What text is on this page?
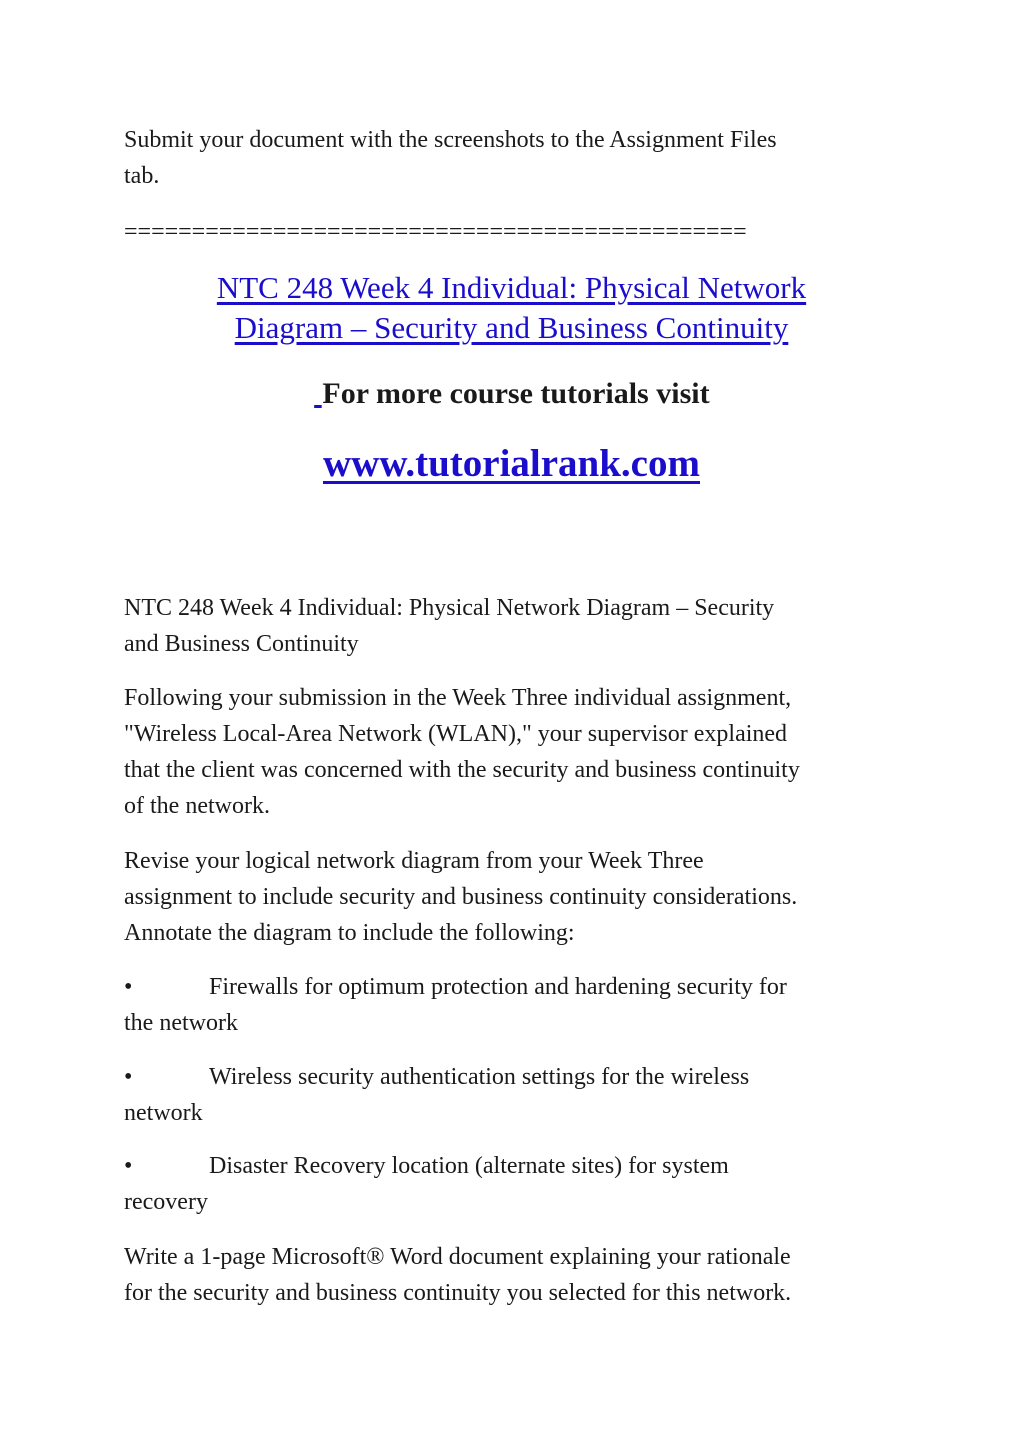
Submit your document with the screenshots to the Assignment Files
tab.

==============================================

NTC 248 Week 4 Individual: Physical Network
Diagram – Security and Business Continuity

For more course tutorials visit

www.tutorialrank.com

NTC 248 Week 4 Individual: Physical Network Diagram – Security
and Business Continuity

Following your submission in the Week Three individual assignment,
"Wireless Local-Area Network (WLAN)," your supervisor explained
that the client was concerned with the security and business continuity
of the network.

Revise your logical network diagram from your Week Three
assignment to include security and business continuity considerations.
Annotate the diagram to include the following:

•	Firewalls for optimum protection and hardening security for
the network

•	Wireless security authentication settings for the wireless
network

•	Disaster Recovery location (alternate sites) for system
recovery

Write a 1-page Microsoft® Word document explaining your rationale
for the security and business continuity you selected for this network.
